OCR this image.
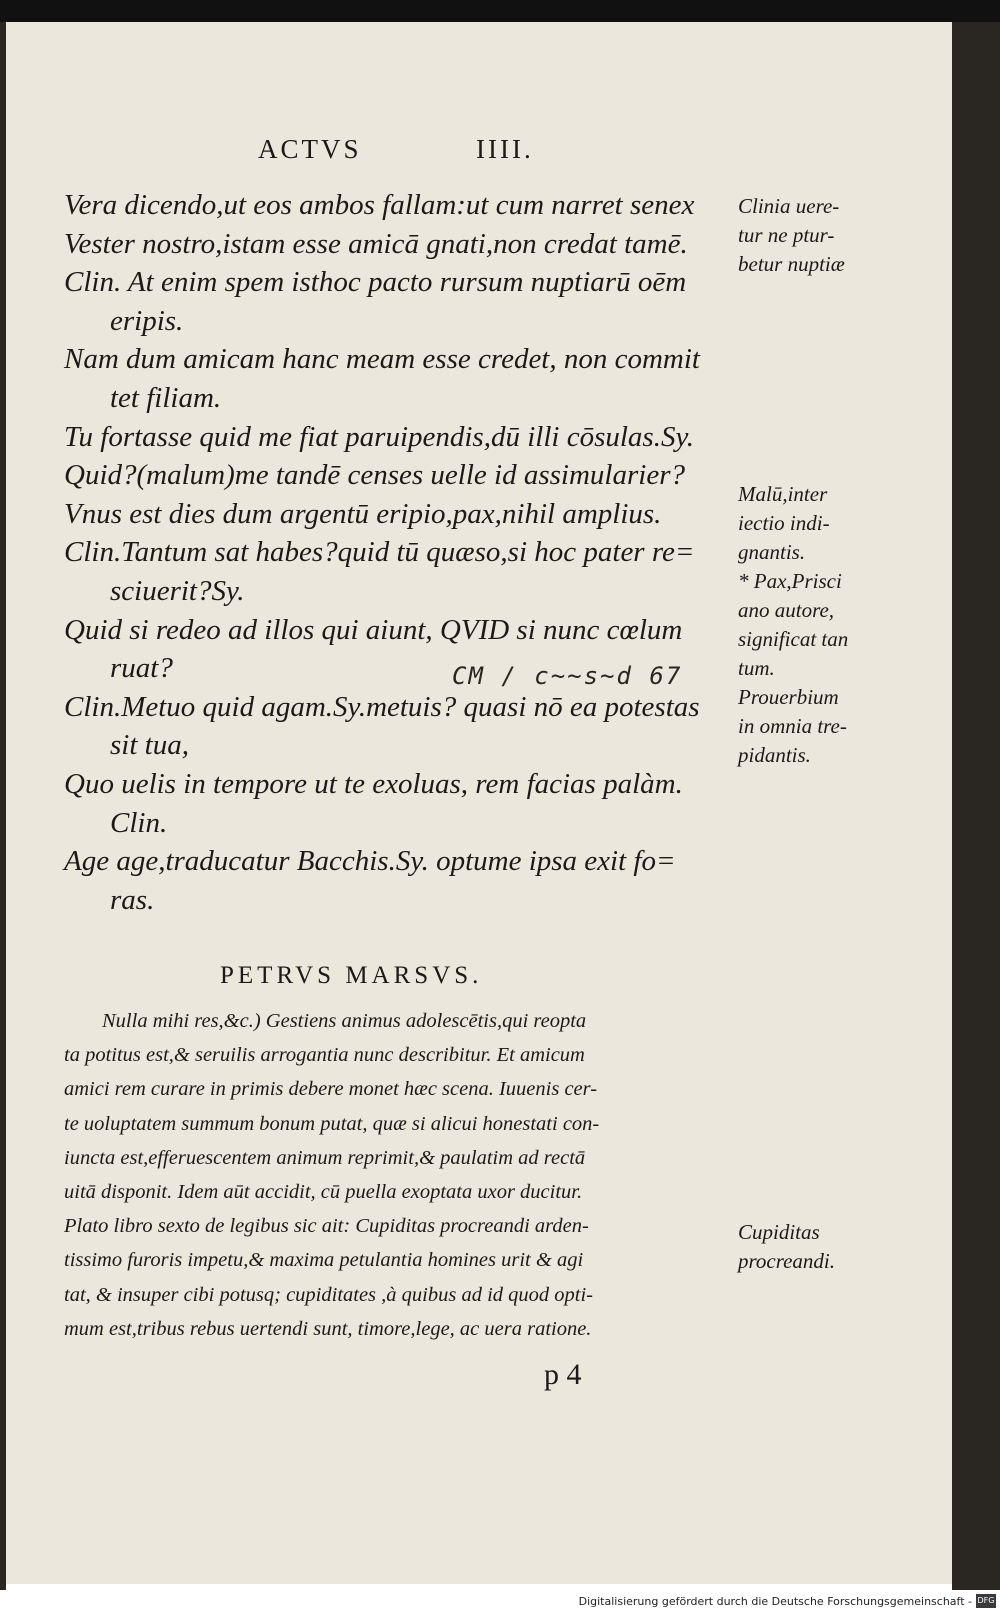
ACTVS	IIII.
Vera dicendo,ut eos ambos fallam:ut cum narret senex
Vester nostro,istam esse amicā gnati,non credat tamē.
Clin. At enim spem isthoc pacto rursum nuptiarū oēm
eripis.
Nam dum amicam hanc meam esse credet, non commit
tet filiam.
Tu fortasse quid me fiat paruipendis,dū illi cōsulas.Sy.
Quid?(malum)me tandē censes uelle id assimularier?
Vnus est dies dum argentū eripio,pax,nihil amplius.
Clin.Tantum sat habes?quid tū quæso,si hoc pater re=
sciuerit?Sy.
Quid si redeo ad illos qui aiunt, QVID si nunc cœlum
ruat?
Clin.Metuo quid agam.Sy.metuis? quasi nō ea potestas
sit tua,
Quo uelis in tempore ut te exoluas, rem facias palàm.
Clin.
Age age,traducatur Bacchis.Sy. optume ipsa exit fo=
ras.
CM / c~~s~d 67
Clinia uere-
tur ne ptur-
betur nuptiæ
Malū,inter
iectio indi-
gnantis.
* Pax,Prisci
ano autore,
significat tan
tum.
Prouerbium
in omnia tre-
pidantis.
Cupiditas
procreandi.
PETRVS MARSVS.
Nulla mihi res,&c.) Gestiens animus adolescētis,qui reopta
ta potitus est,& seruilis arrogantia nunc describitur. Et amicum
amici rem curare in primis debere monet hæc scena. Iuuenis cer-
te uoluptatem summum bonum putat, quæ si alicui honestati con-
iuncta est,efferuescentem animum reprimit,& paulatim ad rectā
uitā disponit. Idem aūt accidit, cū puella exoptata uxor ducitur.
Plato libro sexto de legibus sic ait: Cupiditas procreandi arden-
tissimo furoris impetu,& maxima petulantia homines urit & agi
tat, & insuper cibi potusq; cupiditates ,à quibus ad id quod opti-
mum est,tribus rebus uertendi sunt, timore,lege, ac uera ratione.
p 4
Digitalisierung gefördert durch die Deutsche Forschungsgemeinschaft - DFG
